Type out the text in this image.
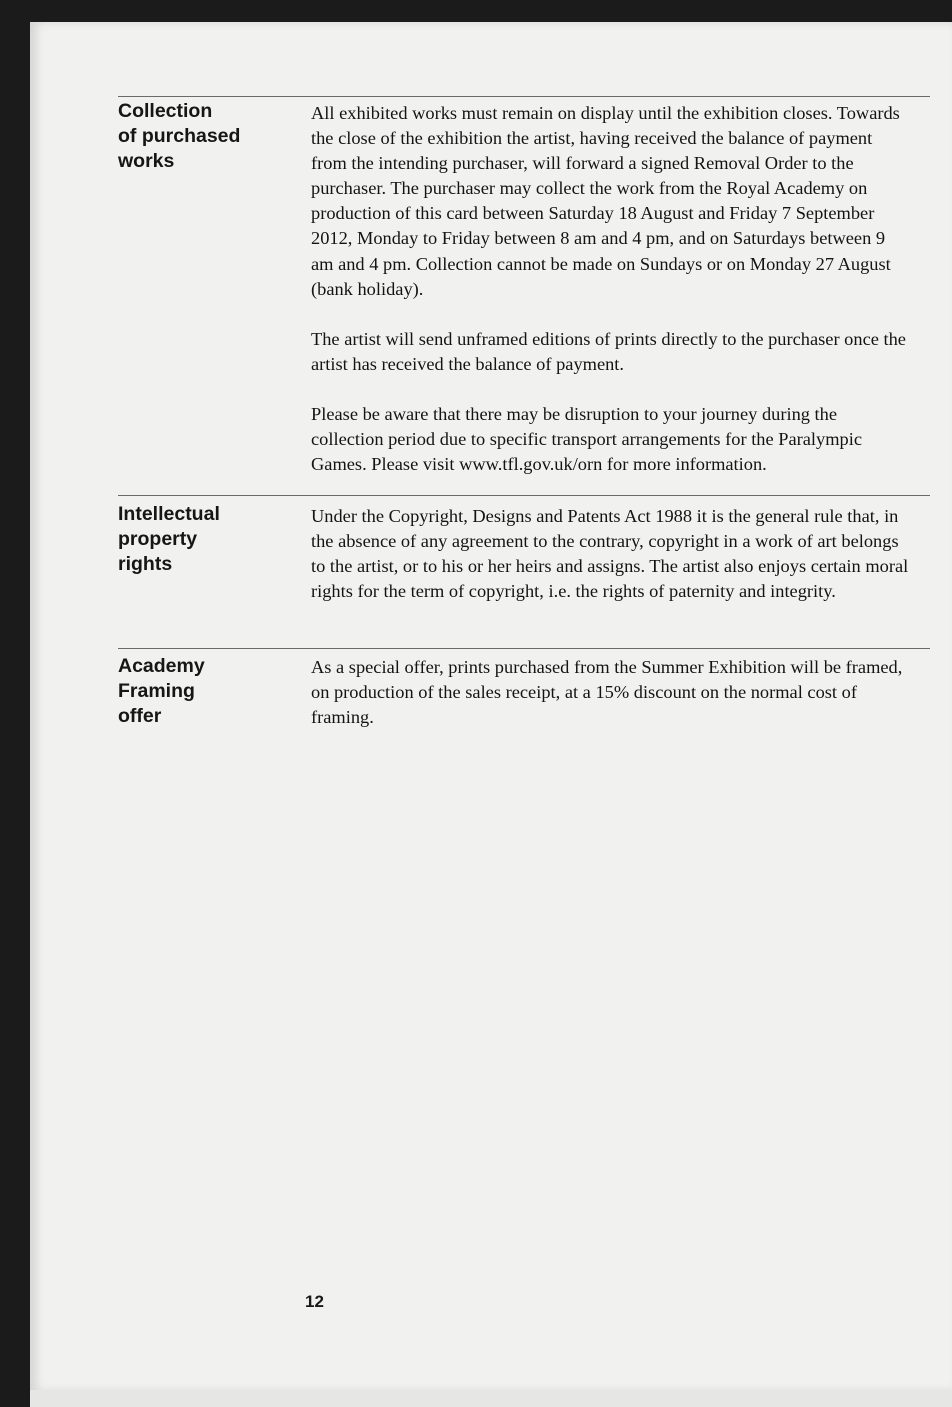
Collection
of purchased
works

All exhibited works must remain on display until the exhibition closes. Towards the close of the exhibition the artist, having received the balance of payment from the intending purchaser, will forward a signed Removal Order to the purchaser. The purchaser may collect the work from the Royal Academy on production of this card between Saturday 18 August and Friday 7 September 2012, Monday to Friday between 8 am and 4 pm, and on Saturdays between 9 am and 4 pm. Collection cannot be made on Sundays or on Monday 27 August (bank holiday).

The artist will send unframed editions of prints directly to the purchaser once the artist has received the balance of payment.

Please be aware that there may be disruption to your journey during the collection period due to specific transport arrangements for the Paralympic Games. Please visit www.tfl.gov.uk/orn for more information.

Intellectual
property
rights

Under the Copyright, Designs and Patents Act 1988 it is the general rule that, in the absence of any agreement to the contrary, copyright in a work of art belongs to the artist, or to his or her heirs and assigns. The artist also enjoys certain moral rights for the term of copyright, i.e. the rights of paternity and integrity.

Academy
Framing
offer

As a special offer, prints purchased from the Summer Exhibition will be framed, on production of the sales receipt, at a 15% discount on the normal cost of framing.

12
